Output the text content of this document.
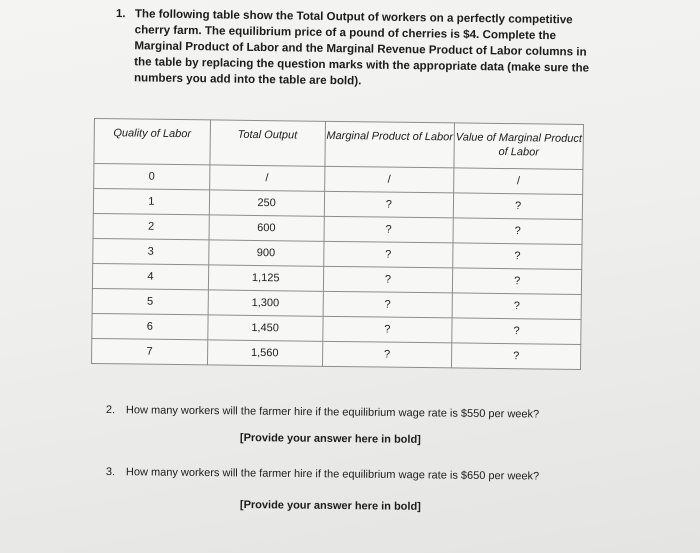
1. The following table show the Total Output of workers on a perfectly competitive cherry farm. The equilibrium price of a pound of cherries is $4. Complete the Marginal Product of Labor and the Marginal Revenue Product of Labor columns in the table by replacing the question marks with the appropriate data (make sure the numbers you add into the table are bold).
Quality of Labor	Total Output	Marginal Product of Labor	Value of Marginal Product of Labor
0	/	/	/
1	250	?	?
2	600	?	?
3	900	?	?
4	1,125	?	?
5	1,300	?	?
6	1,450	?	?
7	1,560	?	?
2. How many workers will the farmer hire if the equilibrium wage rate is $550 per week?
[Provide your answer here in bold]
3. How many workers will the farmer hire if the equilibrium wage rate is $650 per week?
[Provide your answer here in bold]
